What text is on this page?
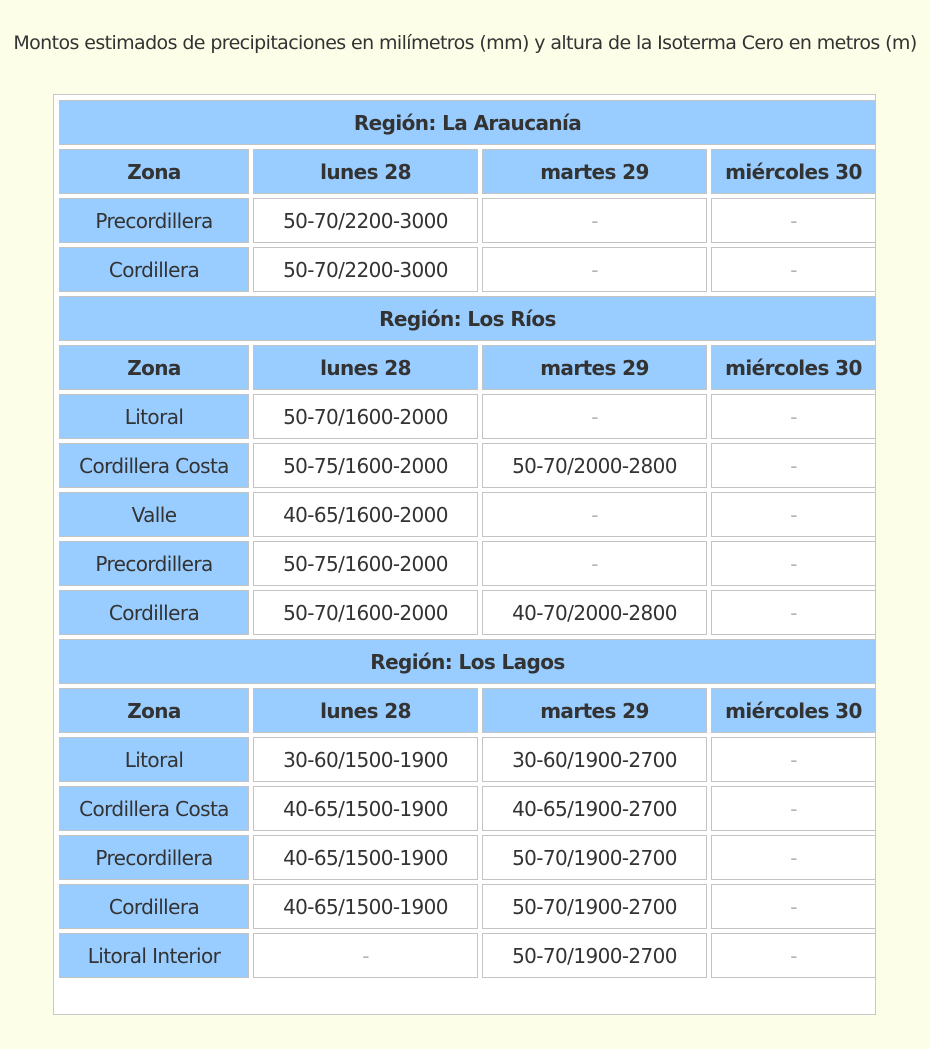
Montos estimados de precipitaciones en milímetros (mm) y altura de la Isoterma Cero en metros (m)
Región: La Araucanía			
Zona	lunes 28	martes 29	miércoles 30
Precordillera	50-70/2200-3000	-	-
Cordillera	50-70/2200-3000	-	-
Región: Los Ríos			
Zona	lunes 28	martes 29	miércoles 30
Litoral	50-70/1600-2000	-	-
Cordillera Costa	50-75/1600-2000	50-70/2000-2800	-
Valle	40-65/1600-2000	-	-
Precordillera	50-75/1600-2000	-	-
Cordillera	50-70/1600-2000	40-70/2000-2800	-
Región: Los Lagos			
Zona	lunes 28	martes 29	miércoles 30
Litoral	30-60/1500-1900	30-60/1900-2700	-
Cordillera Costa	40-65/1500-1900	40-65/1900-2700	-
Precordillera	40-65/1500-1900	50-70/1900-2700	-
Cordillera	40-65/1500-1900	50-70/1900-2700	-
Litoral Interior	-	50-70/1900-2700	-
